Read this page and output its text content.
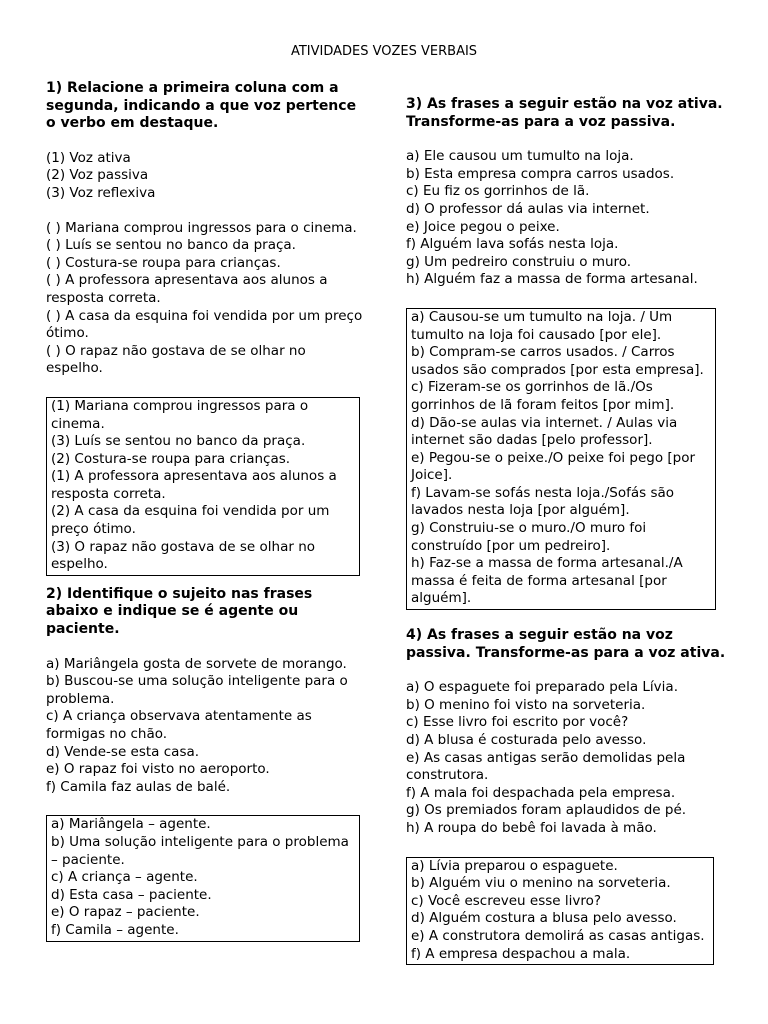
ATIVIDADES VOZES VERBAIS

1) Relacione a primeira coluna com a segunda, indicando a que voz pertence o verbo em destaque.

(1) Voz ativa
(2) Voz passiva
(3) Voz reflexiva
( ) Mariana comprou ingressos para o cinema.
( ) Luís se sentou no banco da praça.
( ) Costura-se roupa para crianças.
( ) A professora apresentava aos alunos a resposta correta.
( ) A casa da esquina foi vendida por um preço ótimo.
( ) O rapaz não gostava de se olhar no espelho.
(1) Mariana comprou ingressos para o cinema.
(3) Luís se sentou no banco da praça.
(2) Costura-se roupa para crianças.
(1) A professora apresentava aos alunos a resposta correta.
(2) A casa da esquina foi vendida por um preço ótimo.
(3) O rapaz não gostava de se olhar no espelho.

2) Identifique o sujeito nas frases abaixo e indique se é agente ou paciente.

a) Mariângela gosta de sorvete de morango.
b) Buscou-se uma solução inteligente para o problema.
c) A criança observava atentamente as formigas no chão.
d) Vende-se esta casa.
e) O rapaz foi visto no aeroporto.
f) Camila faz aulas de balé.
a) Mariângela – agente.
b) Uma solução inteligente para o problema – paciente.
c) A criança – agente.
d) Esta casa – paciente.
e) O rapaz – paciente.
f) Camila – agente.

3) As frases a seguir estão na voz ativa. Transforme-as para a voz passiva.

a) Ele causou um tumulto na loja.
b) Esta empresa compra carros usados.
c) Eu fiz os gorrinhos de lã.
d) O professor dá aulas via internet.
e) Joice pegou o peixe.
f) Alguém lava sofás nesta loja.
g) Um pedreiro construiu o muro.
h) Alguém faz a massa de forma artesanal.
a) Causou-se um tumulto na loja. / Um tumulto na loja foi causado [por ele].
b) Compram-se carros usados. / Carros usados são comprados [por esta empresa].
c) Fizeram-se os gorrinhos de lã./Os gorrinhos de lã foram feitos [por mim].
d) Dão-se aulas via internet. / Aulas via internet são dadas [pelo professor].
e) Pegou-se o peixe./O peixe foi pego [por Joice].
f) Lavam-se sofás nesta loja./Sofás são lavados nesta loja [por alguém].
g) Construiu-se o muro./O muro foi construído [por um pedreiro].
h) Faz-se a massa de forma artesanal./A massa é feita de forma artesanal [por alguém].

4) As frases a seguir estão na voz passiva. Transforme-as para a voz ativa.

a) O espaguete foi preparado pela Lívia.
b) O menino foi visto na sorveteria.
c) Esse livro foi escrito por você?
d) A blusa é costurada pelo avesso.
e) As casas antigas serão demolidas pela construtora.
f) A mala foi despachada pela empresa.
g) Os premiados foram aplaudidos de pé.
h) A roupa do bebê foi lavada à mão.
a) Lívia preparou o espaguete.
b) Alguém viu o menino na sorveteria.
c) Você escreveu esse livro?
d) Alguém costura a blusa pelo avesso.
e) A construtora demolirá as casas antigas.
f) A empresa despachou a mala.
